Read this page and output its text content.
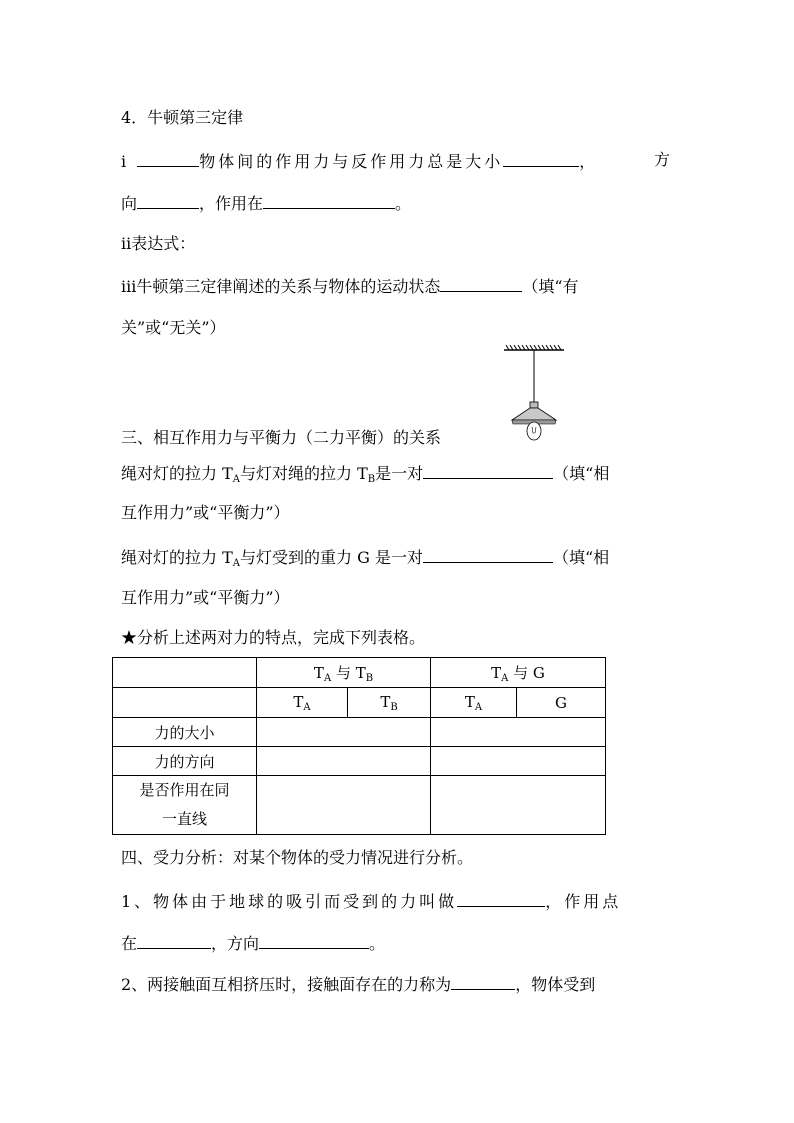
4．牛顿第三定律
ⅰ	物体间的作用力与反作用力总是大小	，	方
向	，作用在	。
ⅱ表达式：
ⅲ牛顿第三定律阐述的关系与物体的运动状态	（填“有
关”或“无关”）
三、相互作用力与平衡力（二力平衡）的关系
绳对灯的拉力 $T_A$与灯对绳的拉力 $T_B$是一对	（填“相
互作用力”或“平衡力”）
绳对灯的拉力 $T_A$与灯受到的重力 G 是一对	（填“相
互作用力”或“平衡力”）
★分析上述两对力的特点，完成下列表格。
	$T_A$ 与 $T_B$		$T_A$ 与 G	
	$T_A$	$T_B$	$T_A$	G
力的大小				
力的方向				

是否作用在同
一直线				

四、受力分析：对某个物体的受力情况进行分析。
1、物体由于地球的吸引而受到的力叫做	，作用点
在	，方向	。
2、两接触面互相挤压时，接触面存在的力称为	，物体受到
